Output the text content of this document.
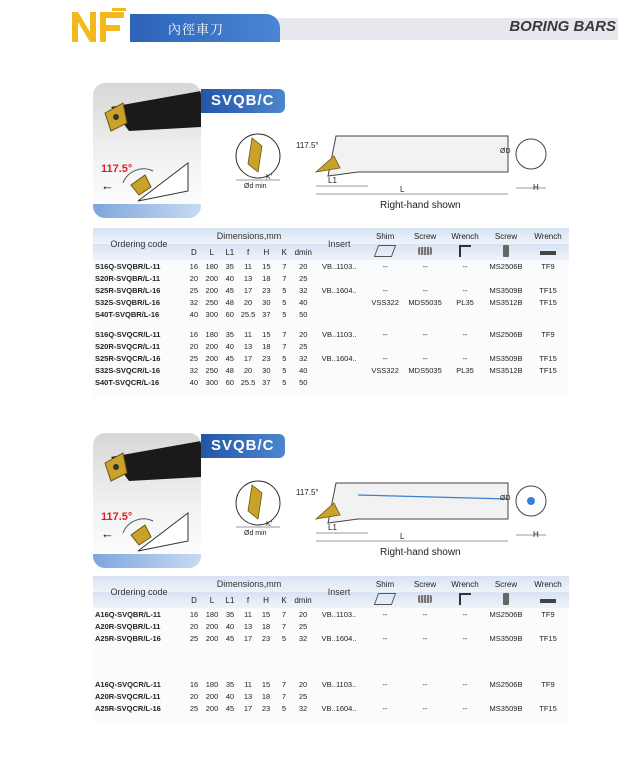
內徑車刀	BORING BARS
117.5°
←
SVQB/C
117.5°
Ød min
K'	L1
L
ØD
H
Right-hand shown
Ordering code	Dimensions,mm							Insert	Shim	Screw	Wrench	Screw	Wrench
	D	L	L1	f	H	K	dmin						
S16Q-SVQBR/L-11	16	180	35	11	15	7	20	VB..1103..	--	--	--	MS2506B	TF9
S20R-SVQBR/L-11	20	200	40	13	18	7	25						
S25R-SVQBR/L-16	25	200	45	17	23	5	32	VB..1604..	--	--	--	MS3509B	TF15
S32S-SVQBR/L-16	32	250	48	20	30	5	40		VSS322	MDS5035	PL35	MS3512B	TF15
S40T-SVQBR/L-16	40	300	60	25.5	37	5	50						

S16Q-SVQCR/L-11	16	180	35	11	15	7	20	VB..1103..	--	--	--	MS2506B	TF9
S20R-SVQCR/L-11	20	200	40	13	18	7	25						
S25R-SVQCR/L-16	25	200	45	17	23	5	32	VB..1604..	--	--	--	MS3509B	TF15
S32S-SVQCR/L-16	32	250	48	20	30	5	40		VSS322	MDS5035	PL35	MS3512B	TF15
S40T-SVQCR/L-16	40	300	60	25.5	37	5	50						

117.5°
←
SVQB/C
117.5°
Ød min
K'	L1
L
ØD
H
Right-hand shown
Ordering code	Dimensions,mm							Insert	Shim	Screw	Wrench	Screw	Wrench
	D	L	L1	f	H	K	dmin						
A16Q-SVQBR/L-11	16	180	35	11	15	7	20	VB..1103..	--	--	--	MS2506B	TF9
A20R-SVQBR/L-11	20	200	40	13	18	7	25						
A25R-SVQBR/L-16	25	200	45	17	23	5	32	VB..1604..	--	--	--	MS3509B	TF15

A16Q-SVQCR/L-11	16	180	35	11	15	7	20	VB..1103..	--	--	--	MS2506B	TF9
A20R-SVQCR/L-11	20	200	40	13	18	7	25						
A25R-SVQCR/L-16	25	200	45	17	23	5	32	VB..1604..	--	--	--	MS3509B	TF15
